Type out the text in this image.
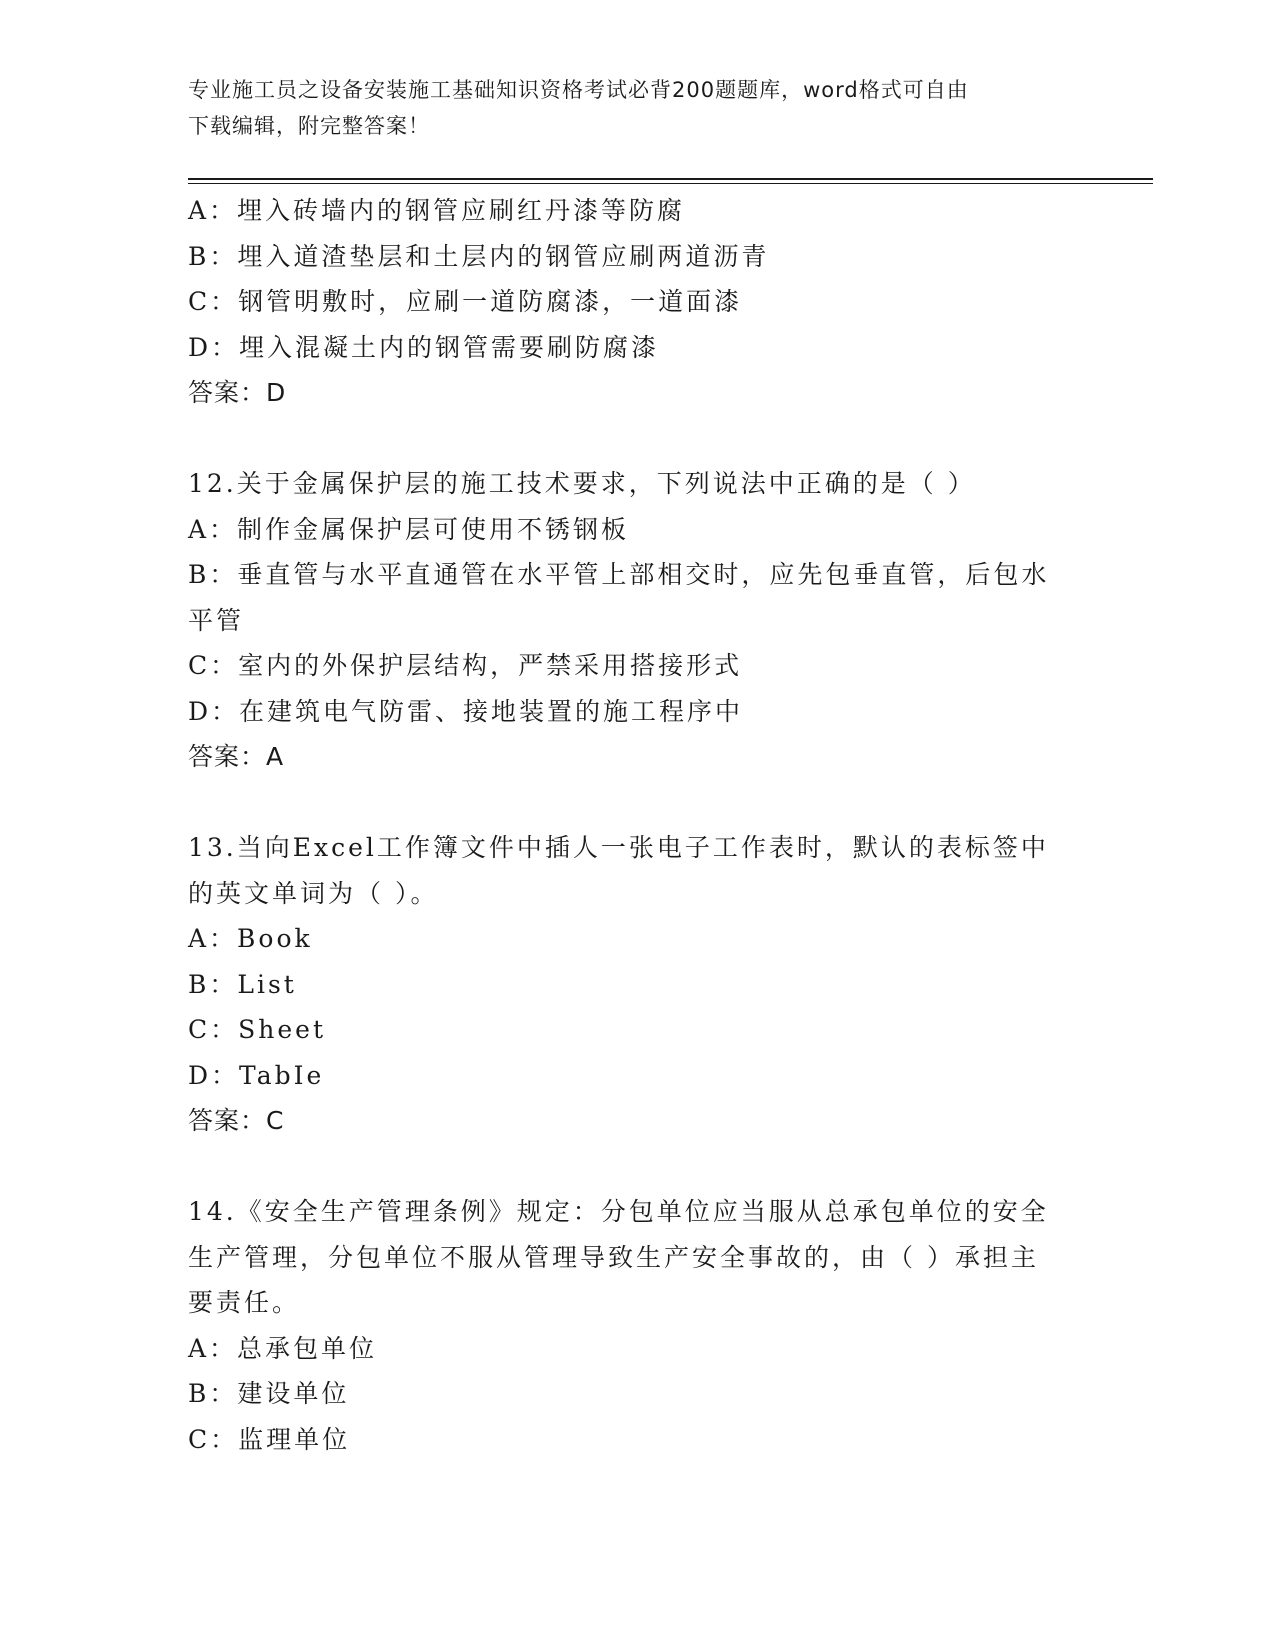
专业施工员之设备安装施工基础知识资格考试必背200题题库，word格式可自由
下载编辑，附完整答案！
A：埋入砖墙内的钢管应刷红丹漆等防腐
B：埋入道渣垫层和土层内的钢管应刷两道沥青
C：钢管明敷时，应刷一道防腐漆，一道面漆
D：埋入混凝土内的钢管需要刷防腐漆
答案：D
12.关于金属保护层的施工技术要求，下列说法中正确的是（ ）
A：制作金属保护层可使用不锈钢板
B：垂直管与水平直通管在水平管上部相交时，应先包垂直管，后包水
平管
C：室内的外保护层结构，严禁采用搭接形式
D：在建筑电气防雷、接地装置的施工程序中
答案：A
13.当向Excel工作簿文件中插人一张电子工作表时，默认的表标签中
的英文单词为（ ）。
A：Book
B：List
C：Sheet
D：TabIe
答案：C
14.《安全生产管理条例》规定：分包单位应当服从总承包单位的安全
生产管理，分包单位不服从管理导致生产安全事故的，由（ ）承担主
要责任。
A：总承包单位
B：建设单位
C：监理单位
